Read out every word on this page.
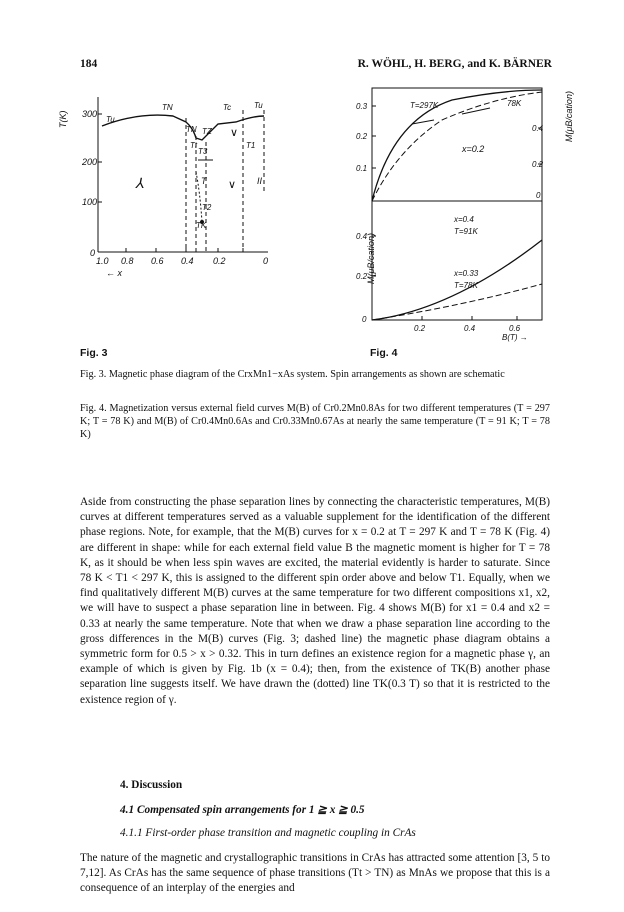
184	R. WÖHL, H. BERG, and K. BÄRNER
T(K) 300
200
100
0
1.0 0.8 0.6 0.4 0.2	0
← x
Tu
TN	Tc	Tu
TN TZ
T1
Tt
T3
TK
T2
⅄
∨
∨
T	II
Fig. 3
M(μB/cation)
M(μB/cation)
0.3
0.2
0.1
0.4
0.2
0
0.4
0.2
0
0.2	0.4	0.6
B(T) →
T=297K	78K
x=0.2
x=0.4
T=91K
x=0.33
T=78K
Fig. 4
Fig. 3. Magnetic phase diagram of the CrxMn1−xAs system. Spin arrangements as shown are schematic
Fig. 4. Magnetization versus external field curves M(B) of Cr0.2Mn0.8As for two different temperatures (T = 297 K; T = 78 K) and M(B) of Cr0.4Mn0.6As and Cr0.33Mn0.67As at nearly the same temperature (T = 91 K; T = 78 K)

Aside from constructing the phase separation lines by connecting the characteristic temperatures, M(B) curves at different temperatures served as a valuable supplement for the identification of the different phase regions. Note, for example, that the M(B) curves for x = 0.2 at T = 297 K and T = 78 K (Fig. 4) are different in shape: while for each external field value B the magnetic moment is higher for T = 78 K, as it should be when less spin waves are excited, the material evidently is harder to saturate. Since 78 K < T1 < 297 K, this is assigned to the different spin order above and below T1. Equally, when we find qualitatively different M(B) curves at the same temperature for two different compositions x1, x2, we will have to suspect a phase separation line in between. Fig. 4 shows M(B) for x1 = 0.4 and x2 = 0.33 at nearly the same temperature. Note that when we draw a phase separation line according to the gross differences in the M(B) curves (Fig. 3; dashed line) the magnetic phase diagram obtains a symmetric form for 0.5 > x > 0.32. This in turn defines an existence region for a magnetic phase γ, an example of which is given by Fig. 1b (x = 0.4); then, from the existence of TK(B) another phase separation line suggests itself. We have drawn the (dotted) line TK(0.3 T) so that it is restricted to the existence region of γ.

4. Discussion
4.1 Compensated spin arrangements for 1 ≧ x ≧ 0.5
4.1.1 First-order phase transition and magnetic coupling in CrAs

The nature of the magnetic and crystallographic transitions in CrAs has attracted some attention [3, 5 to 7,12]. As CrAs has the same sequence of phase transitions (Tt > TN) as MnAs we propose that this is a consequence of an interplay of the energies and
